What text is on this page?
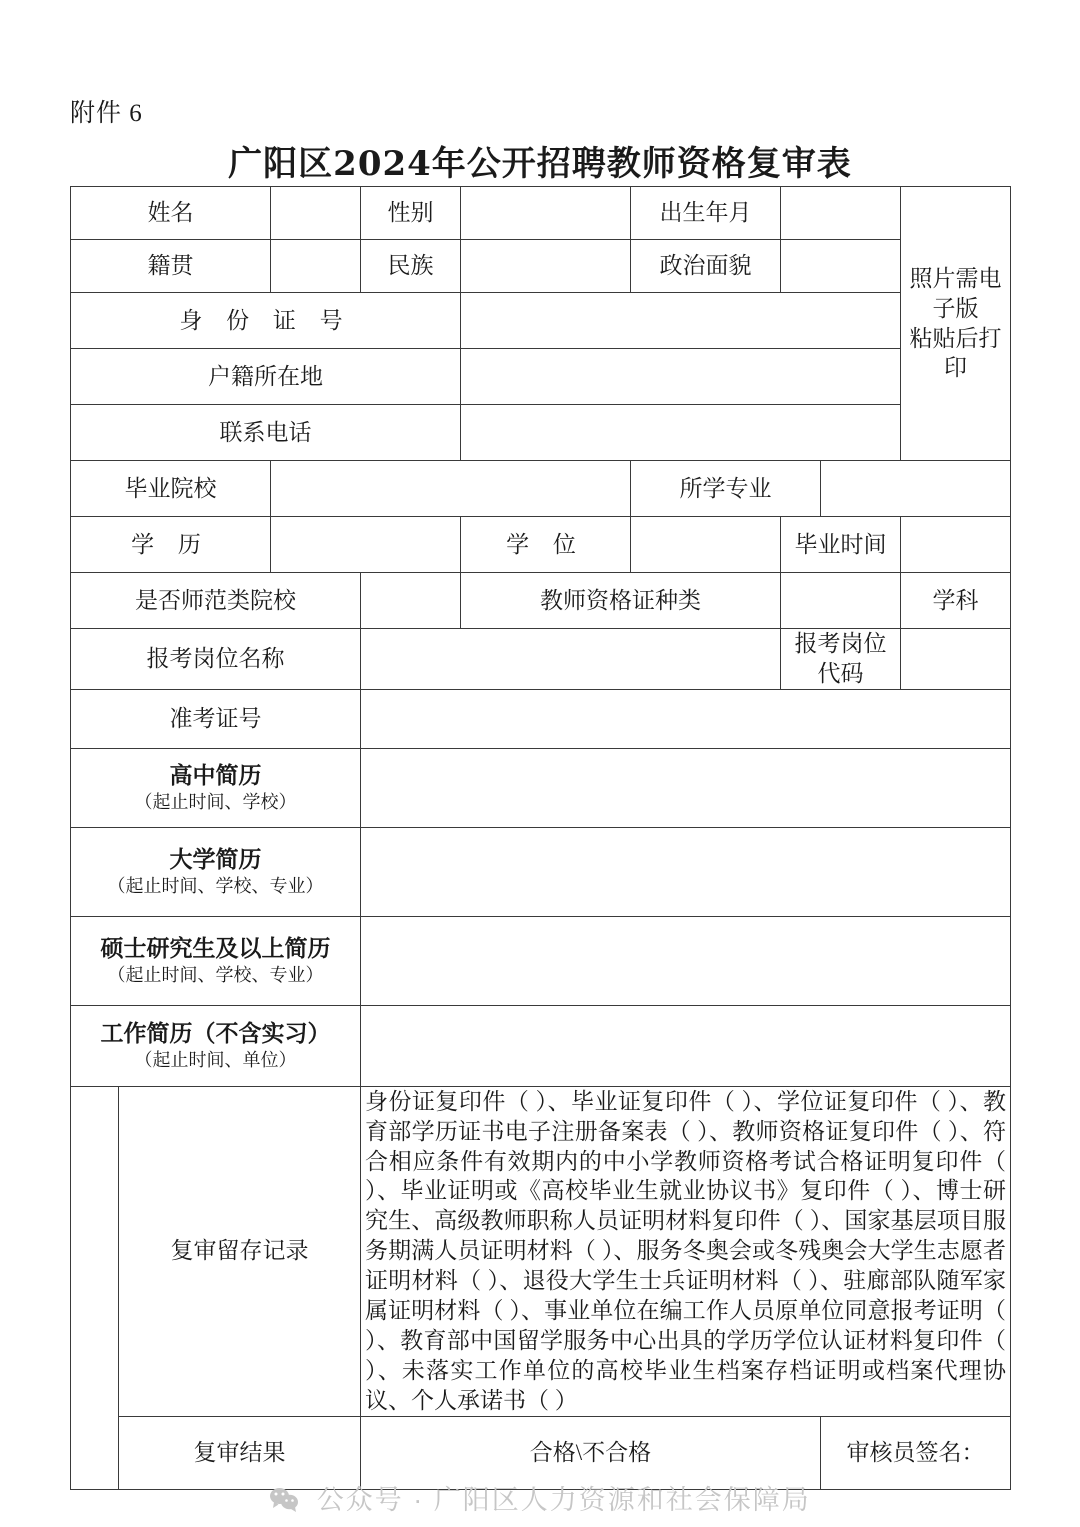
附件 6
广阳区2024年公开招聘教师资格复审表
姓名			性别		出生年月			照片需电子版
粘贴后打印	

籍贯			民族		政治面貌				
身 份 证 号									
户籍所在地									
联系电话									
毕业院校					所学专业				
学 历				学 位		毕业时间			
是否师范类院校				教师资格证种类				学科	
报考岗位名称						报考岗位代码			
准考证号									
高中简历
（起止时间、学校）									

大学简历
（起止时间、学校、专业）									

硕士研究生及以上简历
（起止时间、学校、专业）									

工作简历（不含实习）
（起止时间、单位）									

	复审留存记录		身份证复印件（ ）、毕业证复印件（ ）、学位证复印件（ ）、教育部学历证书电子注册备案表（ ）、教师资格证复印件（ ）、符合相应条件有效期内的中小学教师资格考试合格证明复印件（ ）、毕业证明或《高校毕业生就业协议书》复印件（ ）、博士研究生、高级教师职称人员证明材料复印件（ ）、国家基层项目服务期满人员证明材料（ ）、服务冬奥会或冬残奥会大学生志愿者证明材料（ ）、退役大学生士兵证明材料（ ）、驻廊部队随军家属证明材料（ ）、事业单位在编工作人员原单位同意报考证明（ ）、教育部中国留学服务中心出具的学历学位认证材料复印件（ ）、未落实工作单位的高校毕业生档案存档证明或档案代理协议、个人承诺书（ ）						

	复审结果		合格\不合格				审核员签名：		
公众号 · 广阳区人力资源和社会保障局
